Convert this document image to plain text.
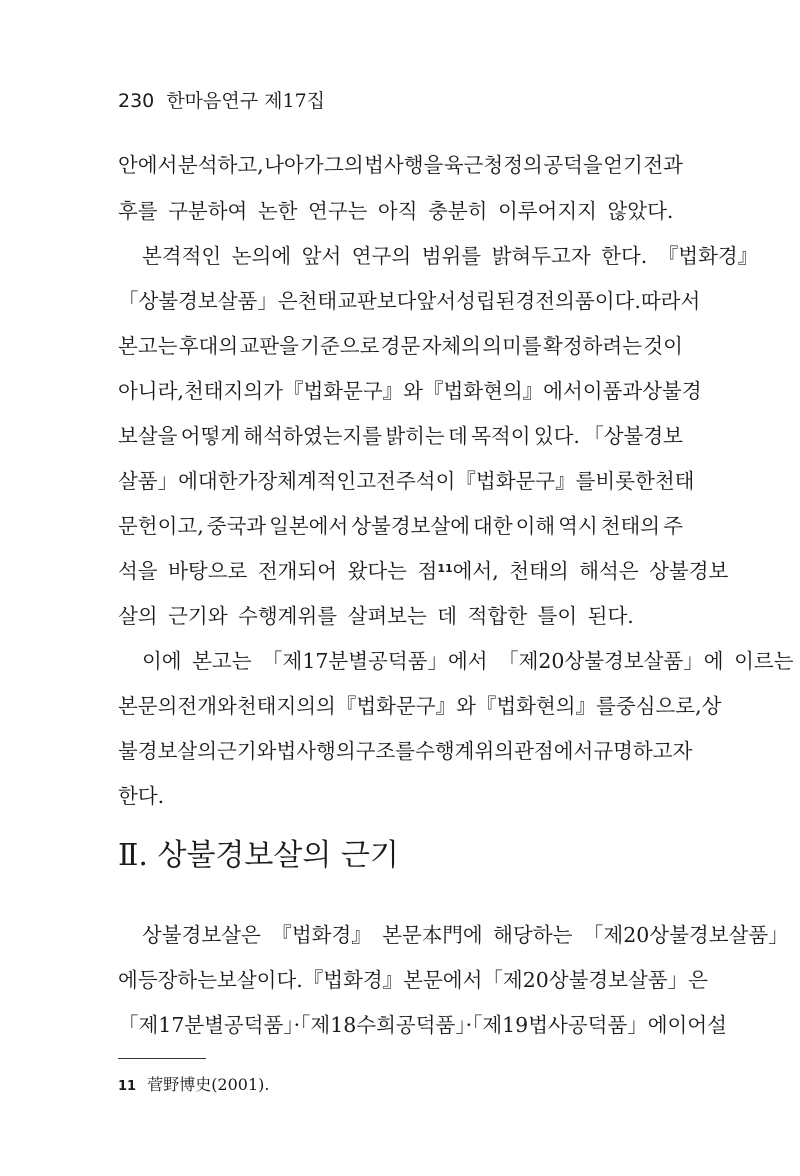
230 한마음연구 제17집
안에서 분석하고, 나아가 그의 법사행을 육근청정의 공덕을 얻기 전과
후를 구분하여 논한 연구는 아직 충분히 이루어지지 않았다.
본격적인 논의에 앞서 연구의 범위를 밝혀두고자 한다. 『법화경』
「상불경보살품」은 천태교판보다 앞서 성립된 경전의 품이다. 따라서
본고는 후대의 교판을 기준으로 경문 자체의 의미를 확정하려는 것이
아니라, 천태지의가 『법화문구』와 『법화현의』에서 이 품과 상불경
보살을 어떻게 해석하였는지를 밝히는 데 목적이 있다. 「상불경보
살품」에 대한 가장 체계적인 고전 주석이 『법화문구』를 비롯한 천태
문헌이고, 중국과 일본에서 상불경보살에 대한 이해 역시 천태의 주
석을 바탕으로 전개되어 왔다는 점 11 에서, 천태의 해석은 상불경보
살의 근기와 수행계위를 살펴보는 데 적합한 틀이 된다.
이에 본고는 「제17분별공덕품」에서 「제20상불경보살품」에 이르는
본문의 전개와 천태지의의 『법화문구』와 『법화현의』를 중심으로, 상
불경보살의 근기와 법사행의 구조를 수행계위의 관점에서 규명하고자
한다.
Ⅱ. 상불경보살의 근기
상불경보살은 『법화경』 본문本門에 해당하는 「제20상불경보살품」
에 등장하는 보살이다. 『법화경』 본문에서 「제20상불경보살품」은
「제17분별공덕품」·「제18수희공덕품」·「제19법사공덕품」에 이어 설
11 菅野博史(2001).
